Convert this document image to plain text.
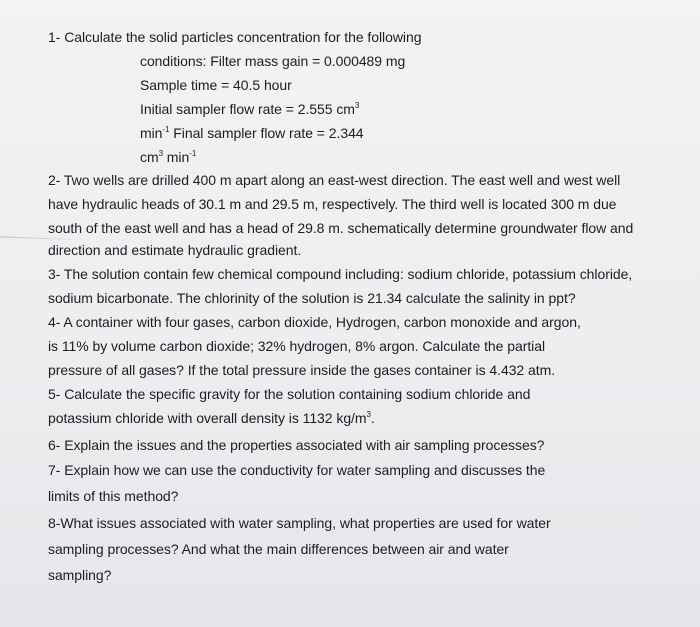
1- Calculate the solid particles concentration for the following
conditions: Filter mass gain = 0.000489 mg
Sample time = 40.5 hour
Initial sampler flow rate = 2.555 $cm^3$
$\min^{-1}$ Final sampler flow rate = 2.344
$cm^3$ $\min^{-1}$
2- Two wells are drilled 400 m apart along an east-west direction. The east well and west well
have hydraulic heads of 30.1 m and 29.5 m, respectively. The third well is located 300 m due
south of the east well and has a head of 29.8 m. schematically determine groundwater flow and
direction and estimate hydraulic gradient.
3- The solution contain few chemical compound including: sodium chloride, potassium chloride,
sodium bicarbonate. The chlorinity of the solution is 21.34 calculate the salinity in ppt?
4- A container with four gases, carbon dioxide, Hydrogen, carbon monoxide and argon,
is 11% by volume carbon dioxide; 32% hydrogen, 8% argon. Calculate the partial
pressure of all gases? If the total pressure inside the gases container is 4.432 atm.
5- Calculate the specific gravity for the solution containing sodium chloride and
potassium chloride with overall density is 1132 $kg/m^3$.
6- Explain the issues and the properties associated with air sampling processes?
7- Explain how we can use the conductivity for water sampling and discusses the
limits of this method?
8-What issues associated with water sampling, what properties are used for water
sampling processes? And what the main differences between air and water
sampling?
